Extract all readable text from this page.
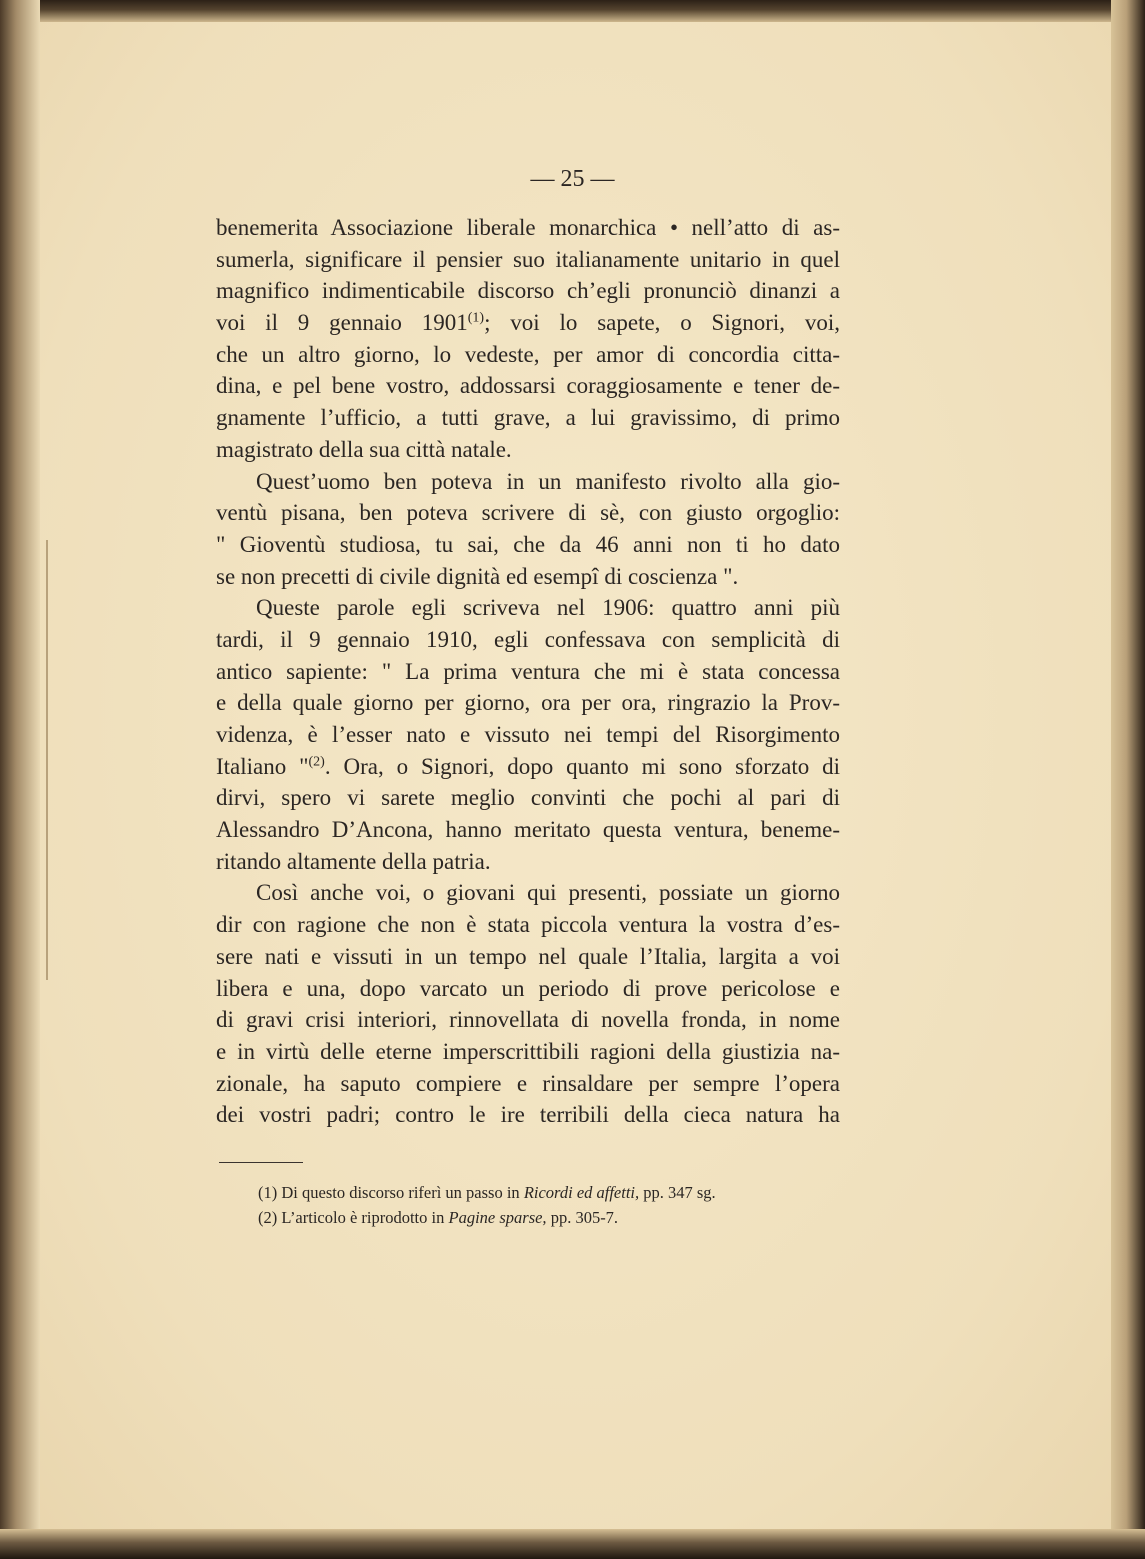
— 25 —
benemerita Associazione liberale monarchica • nell’atto di as-
sumerla, significare il pensier suo italianamente unitario in quel
magnifico indimenticabile discorso ch’egli pronunciò dinanzi a
voi il 9 gennaio 1901$^{(1)}$; voi lo sapete, o Signori, voi,
che un altro giorno, lo vedeste, per amor di concordia citta-
dina, e pel bene vostro, addossarsi coraggiosamente e tener de-
gnamente l’ufficio, a tutti grave, a lui gravissimo, di primo
magistrato della sua città natale.
Quest’uomo ben poteva in un manifesto rivolto alla gio-
ventù pisana, ben poteva scrivere di sè, con giusto orgoglio:
" Gioventù studiosa, tu sai, che da 46 anni non ti ho dato
se non precetti di civile dignità ed esempî di coscienza ".
Queste parole egli scriveva nel 1906: quattro anni più
tardi, il 9 gennaio 1910, egli confessava con semplicità di
antico sapiente: " La prima ventura che mi è stata concessa
e della quale giorno per giorno, ora per ora, ringrazio la Prov-
videnza, è l’esser nato e vissuto nei tempi del Risorgimento
Italiano "$^{(2)}$. Ora, o Signori, dopo quanto mi sono sforzato di
dirvi, spero vi sarete meglio convinti che pochi al pari di
Alessandro D’Ancona, hanno meritato questa ventura, beneme-
ritando altamente della patria.
Così anche voi, o giovani qui presenti, possiate un giorno
dir con ragione che non è stata piccola ventura la vostra d’es-
sere nati e vissuti in un tempo nel quale l’Italia, largita a voi
libera e una, dopo varcato un periodo di prove pericolose e
di gravi crisi interiori, rinnovellata di novella fronda, in nome
e in virtù delle eterne imperscrittibili ragioni della giustizia na-
zionale, ha saputo compiere e rinsaldare per sempre l’opera
dei vostri padri; contro le ire terribili della cieca natura ha
(1) Di questo discorso riferì un passo in Ricordi ed affetti, pp. 347 sg.
(2) L’articolo è riprodotto in Pagine sparse, pp. 305-7.
